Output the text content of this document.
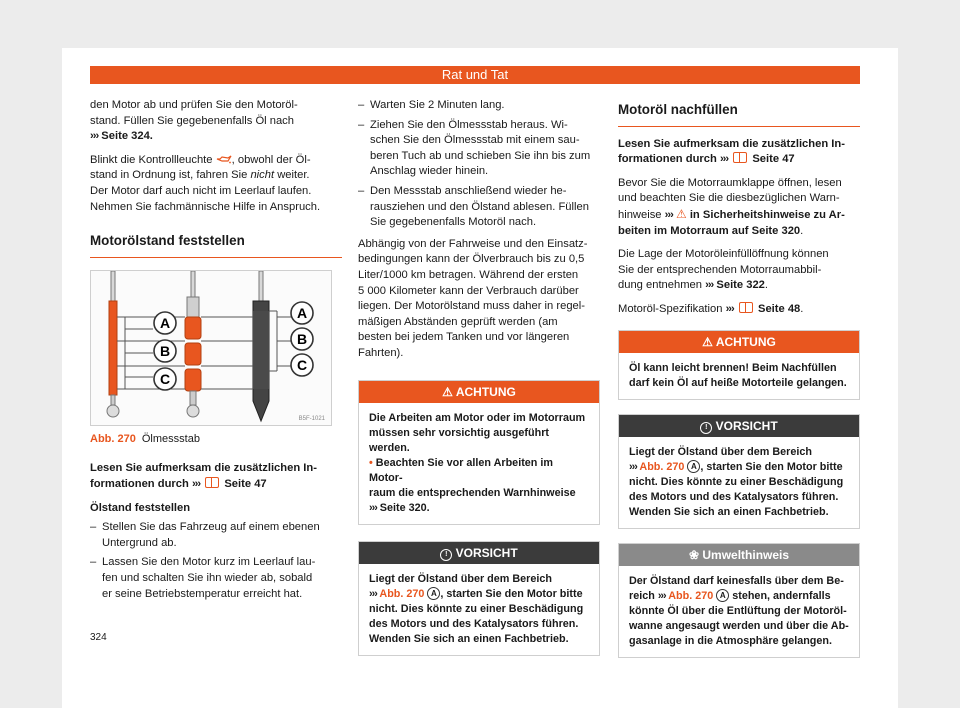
Rat und Tat

den Motor ab und prüfen Sie den Motoröl-
stand. Füllen Sie gegebenenfalls Öl nach
››› Seite 324.

Blinkt die Kontrollleuchte , obwohl der Öl-
stand in Ordnung ist, fahren Sie nicht weiter.
Der Motor darf auch nicht im Leerlauf laufen.
Nehmen Sie fachmännische Hilfe in Anspruch.

Motorölstand feststellen
A
B
C
A
B
C
B5F-1021
Abb. 270 Ölmessstab

Lesen Sie aufmerksam die zusätzlichen In-
formationen durch ››› Seite 47

Ölstand feststellen

– Stellen Sie das Fahrzeug auf einem ebenen
Untergrund ab.
– Lassen Sie den Motor kurz im Leerlauf lau-
fen und schalten Sie ihn wieder ab, sobald
er seine Betriebstemperatur erreicht hat.
– Warten Sie 2 Minuten lang.
– Ziehen Sie den Ölmessstab heraus. Wi-
schen Sie den Ölmessstab mit einem sau-
beren Tuch ab und schieben Sie ihn bis zum
Anschlag wieder hinein.
– Den Messstab anschließend wieder he-
rausziehen und den Ölstand ablesen. Füllen
Sie gegebenenfalls Motoröl nach.

Abhängig von der Fahrweise und den Einsatz-
bedingungen kann der Ölverbrauch bis zu 0,5
Liter/1000 km betragen. Während der ersten
5 000 Kilometer kann der Verbrauch darüber
liegen. Der Motorölstand muss daher in regel-
mäßigen Abständen geprüft werden (am
besten bei jedem Tanken und vor längeren
Fahrten).

⚠ ACHTUNG
Die Arbeiten am Motor oder im Motorraum
müssen sehr vorsichtig ausgeführt werden.
• Beachten Sie vor allen Arbeiten im Motor-
raum die entsprechenden Warnhinweise
››› Seite 320.
! VORSICHT
Liegt der Ölstand über dem Bereich
››› Abb. 270 A , starten Sie den Motor bitte
nicht. Dies könnte zu einer Beschädigung
des Motors und des Katalysators führen.
Wenden Sie sich an einen Fachbetrieb.
Motoröl nachfüllen

Lesen Sie aufmerksam die zusätzlichen In-
formationen durch ››› Seite 47

Bevor Sie die Motorraumklappe öffnen, lesen
und beachten Sie die diesbezüglichen Warn-
hinweise ››› ⚠ in Sicherheitshinweise zu Ar-
beiten im Motorraum auf Seite 320.

Die Lage der Motoröleinfüllöffnung können
Sie der entsprechenden Motorraumabbil-
dung entnehmen ››› Seite 322.

Motoröl-Spezifikation ››› Seite 48.

⚠ ACHTUNG
Öl kann leicht brennen! Beim Nachfüllen
darf kein Öl auf heiße Motorteile gelangen.
! VORSICHT
Liegt der Ölstand über dem Bereich
››› Abb. 270 A , starten Sie den Motor bitte
nicht. Dies könnte zu einer Beschädigung
des Motors und des Katalysators führen.
Wenden Sie sich an einen Fachbetrieb.
❀ Umwelthinweis
Der Ölstand darf keinesfalls über dem Be-
reich ››› Abb. 270 A stehen, andernfalls
könnte Öl über die Entlüftung der Motoröl-
wanne angesaugt werden und über die Ab-
gasanlage in die Atmosphäre gelangen.
324
